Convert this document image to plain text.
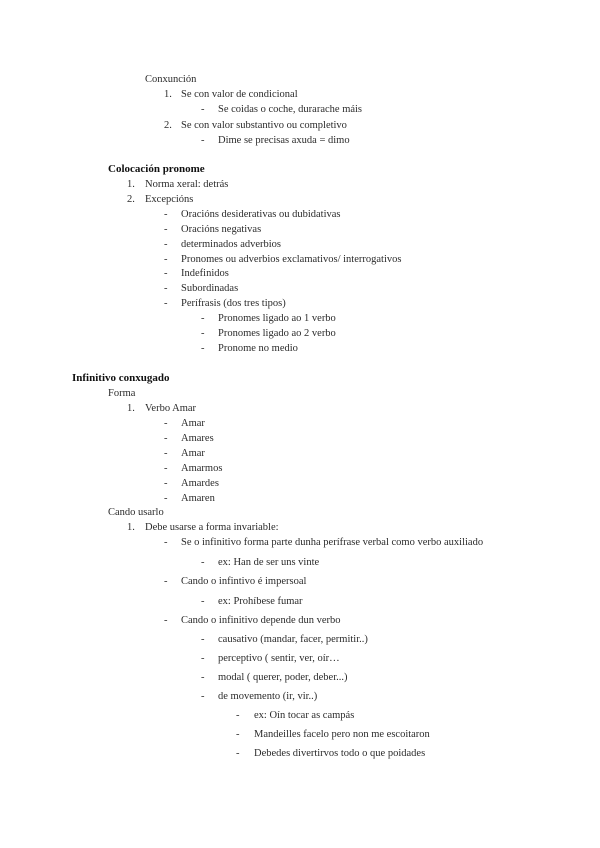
Conxunción
1. Se con valor de condicional
- Se coidas o coche, durarache máis
2. Se con valor substantivo ou completivo
- Dime se precisas axuda = dimo
Colocación pronome
1. Norma xeral: detrás
2. Excepcións
- Oracións desiderativas ou dubidativas
- Oracións negativas
- determinados adverbios
- Pronomes ou adverbios exclamativos/ interrogativos
- Indefinidos
- Subordinadas
- Perífrasis (dos tres tipos)
- Pronomes ligado ao 1 verbo
- Pronomes ligado ao 2 verbo
- Pronome no medio
Infinitivo conxugado
Forma
1. Verbo Amar
- Amar
- Amares
- Amar
- Amarmos
- Amardes
- Amaren
Cando usarlo
1. Debe usarse a forma invariable:
- Se o infinitivo forma parte dunha perífrase verbal como verbo auxiliado
- ex: Han de ser uns vinte
- Cando o infintivo é impersoal
- ex: Prohíbese fumar
- Cando o infinitivo depende dun verbo
- causativo (mandar, facer, permitir..)
- perceptivo ( sentir, ver, oír…
- modal ( querer, poder, deber...)
- de movemento (ir, vir..)
- ex: Oín tocar as campás
- Mandeilles facelo pero non me escoitaron
- Debedes divertirvos todo o que poidades
